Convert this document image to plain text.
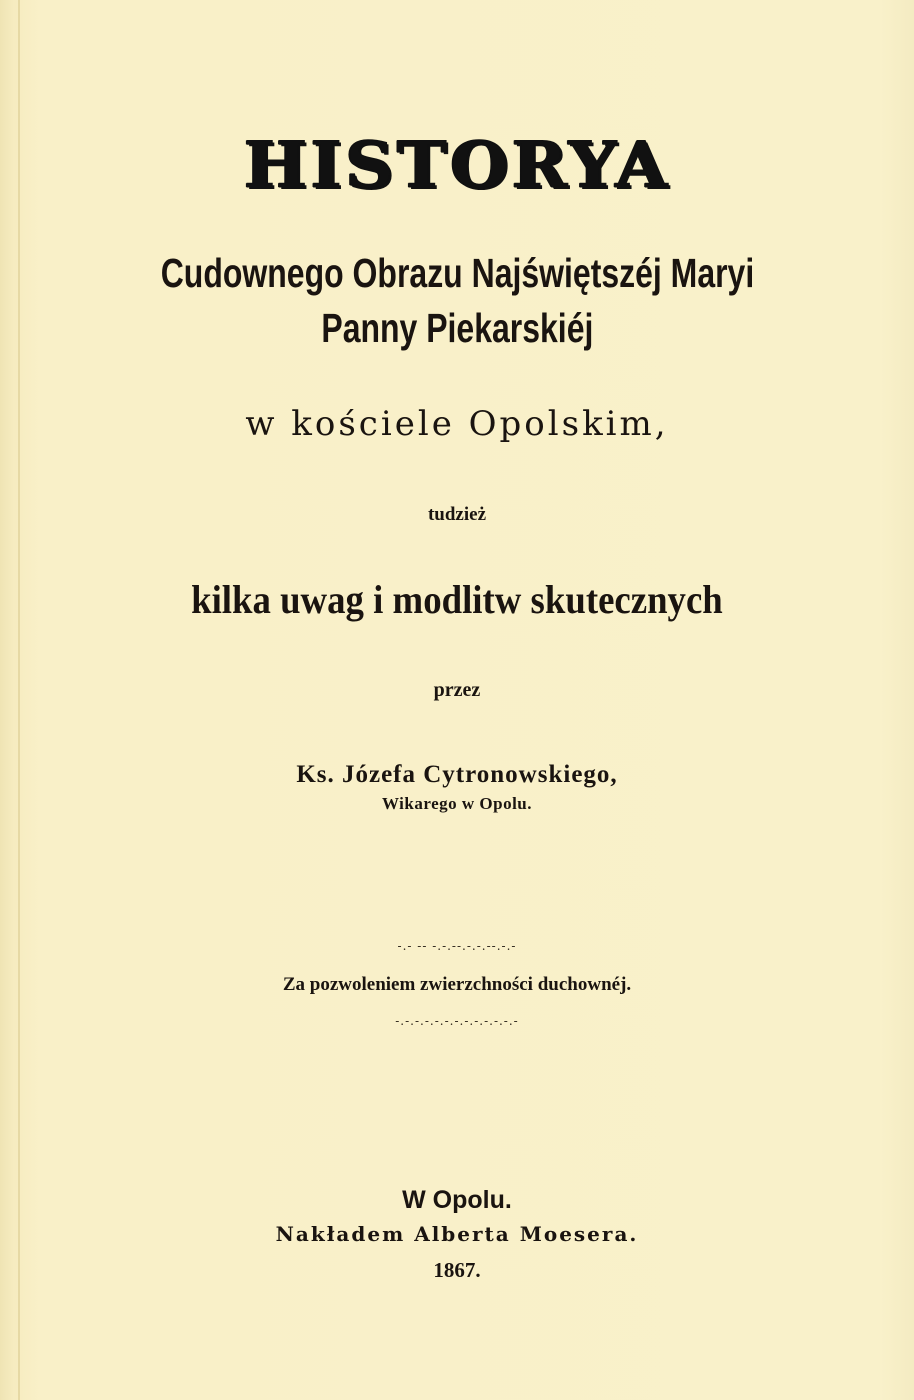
HISTORYA
Cudownego Obrazu Najświętszéj Maryi
Panny Piekarskiéj
w kościele Opolskim,
tudzież
kilka uwag i modlitw skutecznych
przez
Ks. Józefa Cytronowskiego,
Wikarego w Opolu.
-.- -- -.-.--.-.-.--.-.-
Za pozwoleniem zwierzchności duchownéj.
-.-.-.-.-.-.-.-.-.-.-.-.-
W Opolu.
Nakładem Alberta Moesera.
1867.
